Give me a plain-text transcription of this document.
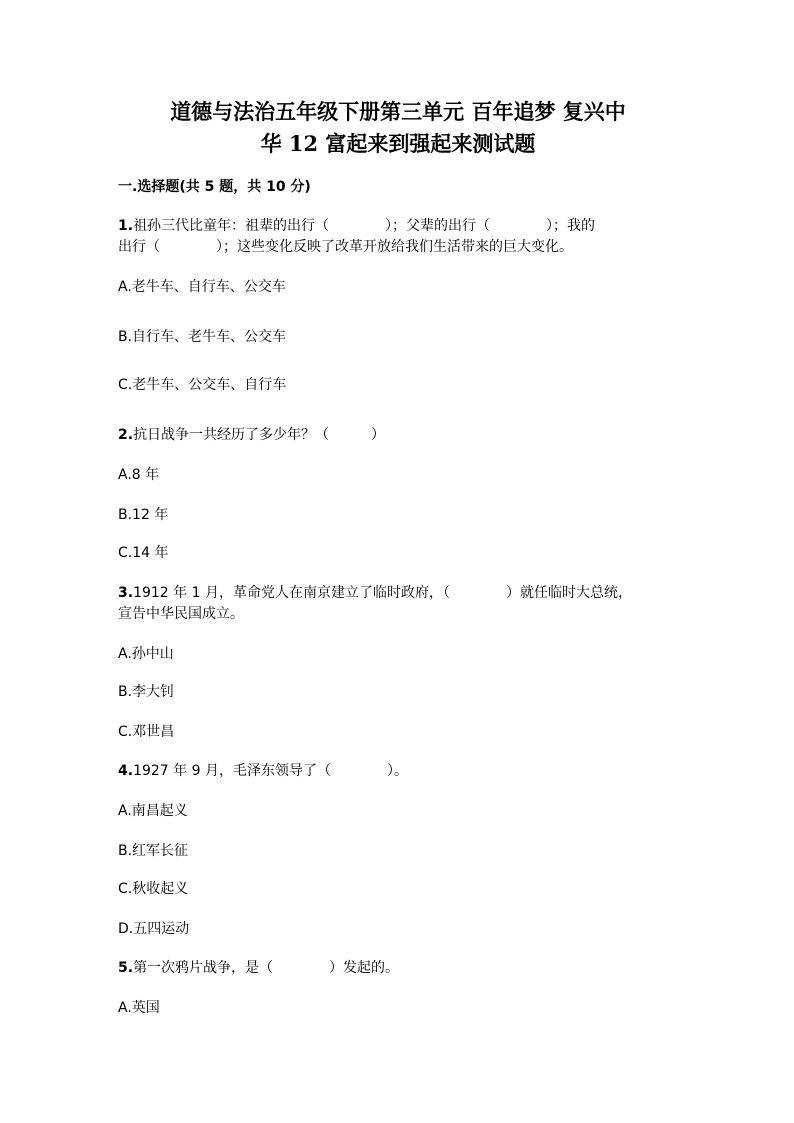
道德与法治五年级下册第三单元 百年追梦 复兴中
华 12 富起来到强起来测试题
一.选择题(共 5 题，共 10 分)
1.祖孙三代比童年：祖辈的出行（　　　　）；父辈的出行（　　　　）；我的
出行（　　　　）；这些变化反映了改革开放给我们生活带来的巨大变化。
A.老牛车、自行车、公交车
B.自行车、老牛车、公交车
C.老牛车、公交车、自行车
2.抗日战争一共经历了多少年？（　　　）
A.8 年
B.12 年
C.14 年
3.1912 年 1 月，革命党人在南京建立了临时政府，（　　　　）就任临时大总统，
宣告中华民国成立。
A.孙中山
B.李大钊
C.邓世昌
4.1927 年 9 月，毛泽东领导了（　　　　）。
A.南昌起义
B.红军长征
C.秋收起义
D.五四运动
5.第一次鸦片战争，是（　　　　）发起的。
A.英国
